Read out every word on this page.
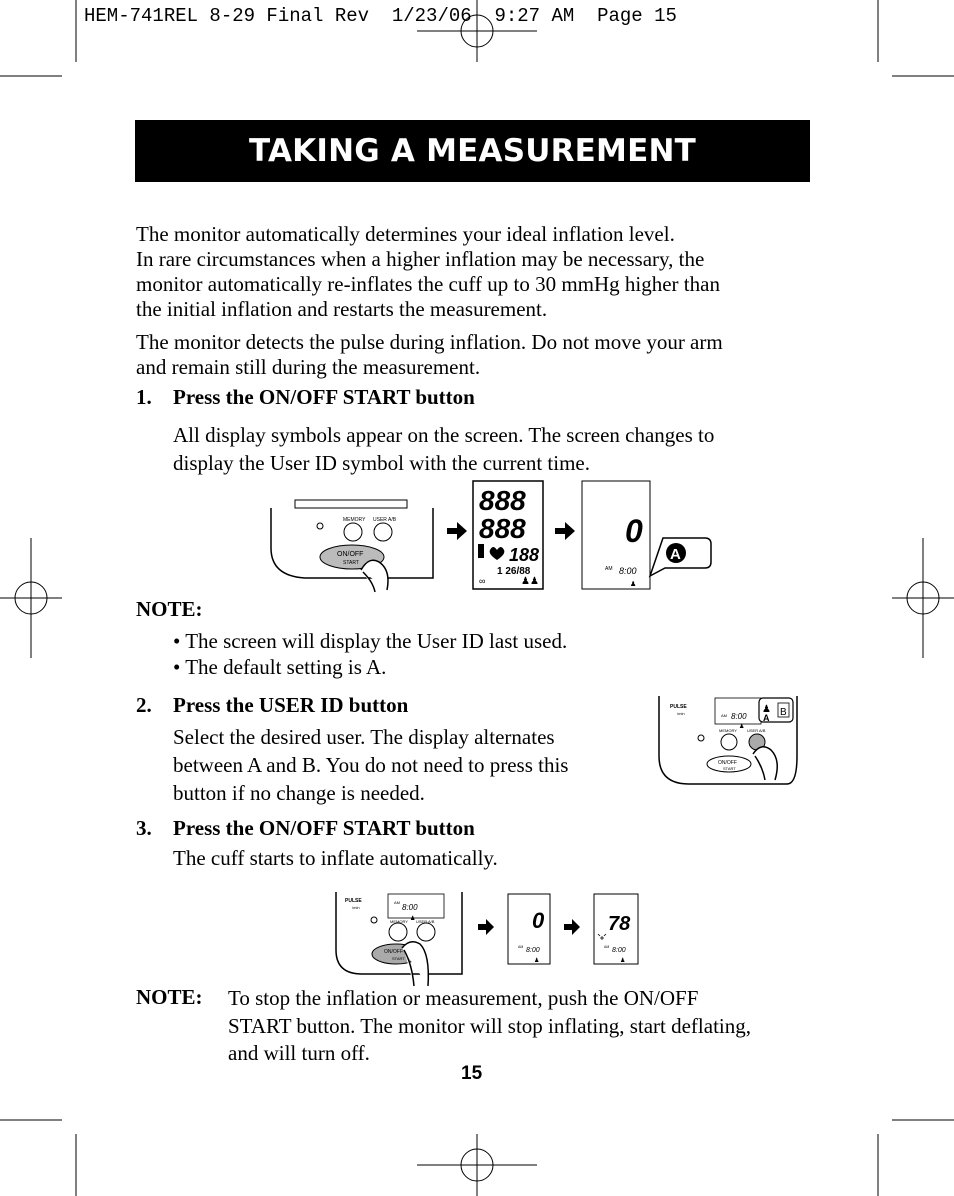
HEM-741REL 8-29 Final Rev  1/23/06  9:27 AM  Page 15
TAKING A MEASUREMENT

The monitor automatically determines your ideal inflation level.

In rare circumstances when a higher inflation may be necessary, the

monitor automatically re-inflates the cuff up to 30 mmHg higher than

the initial inflation and restarts the measurement.

The monitor detects the pulse during inflation. Do not move your arm

and remain still during the measurement.

1. Press the ON/OFF START button

All display symbols appear on the screen. The screen changes to

display the User ID symbol with the current time.

MEMORY USER A/B
ON/OFF
START
888
888
188
1 26/88
∞	♟♟
0
AM 8:00
♟
A
NOTE:

• The screen will display the User ID last used.

• The default setting is A.

2. Press the USER ID button

Select the desired user. The display alternates

between A and B. You do not need to press this

button if no change is needed.

PULSE
/min	AM 8:00
♟
MEMORY	USER A/B
ON/OFF
START
♟
A B
3. Press the ON/OFF START button
The cuff starts to inflate automatically.
PULSE
/min
AM
8:00
♟
MEMORY USER A/B
ON/OFF
START
0
AM 8:00
♟
78
AM 8:00
♟
NOTE: To stop the inflation or measurement, push the ON/OFF

START button. The monitor will stop inflating, start deflating,

and will turn off.

15
